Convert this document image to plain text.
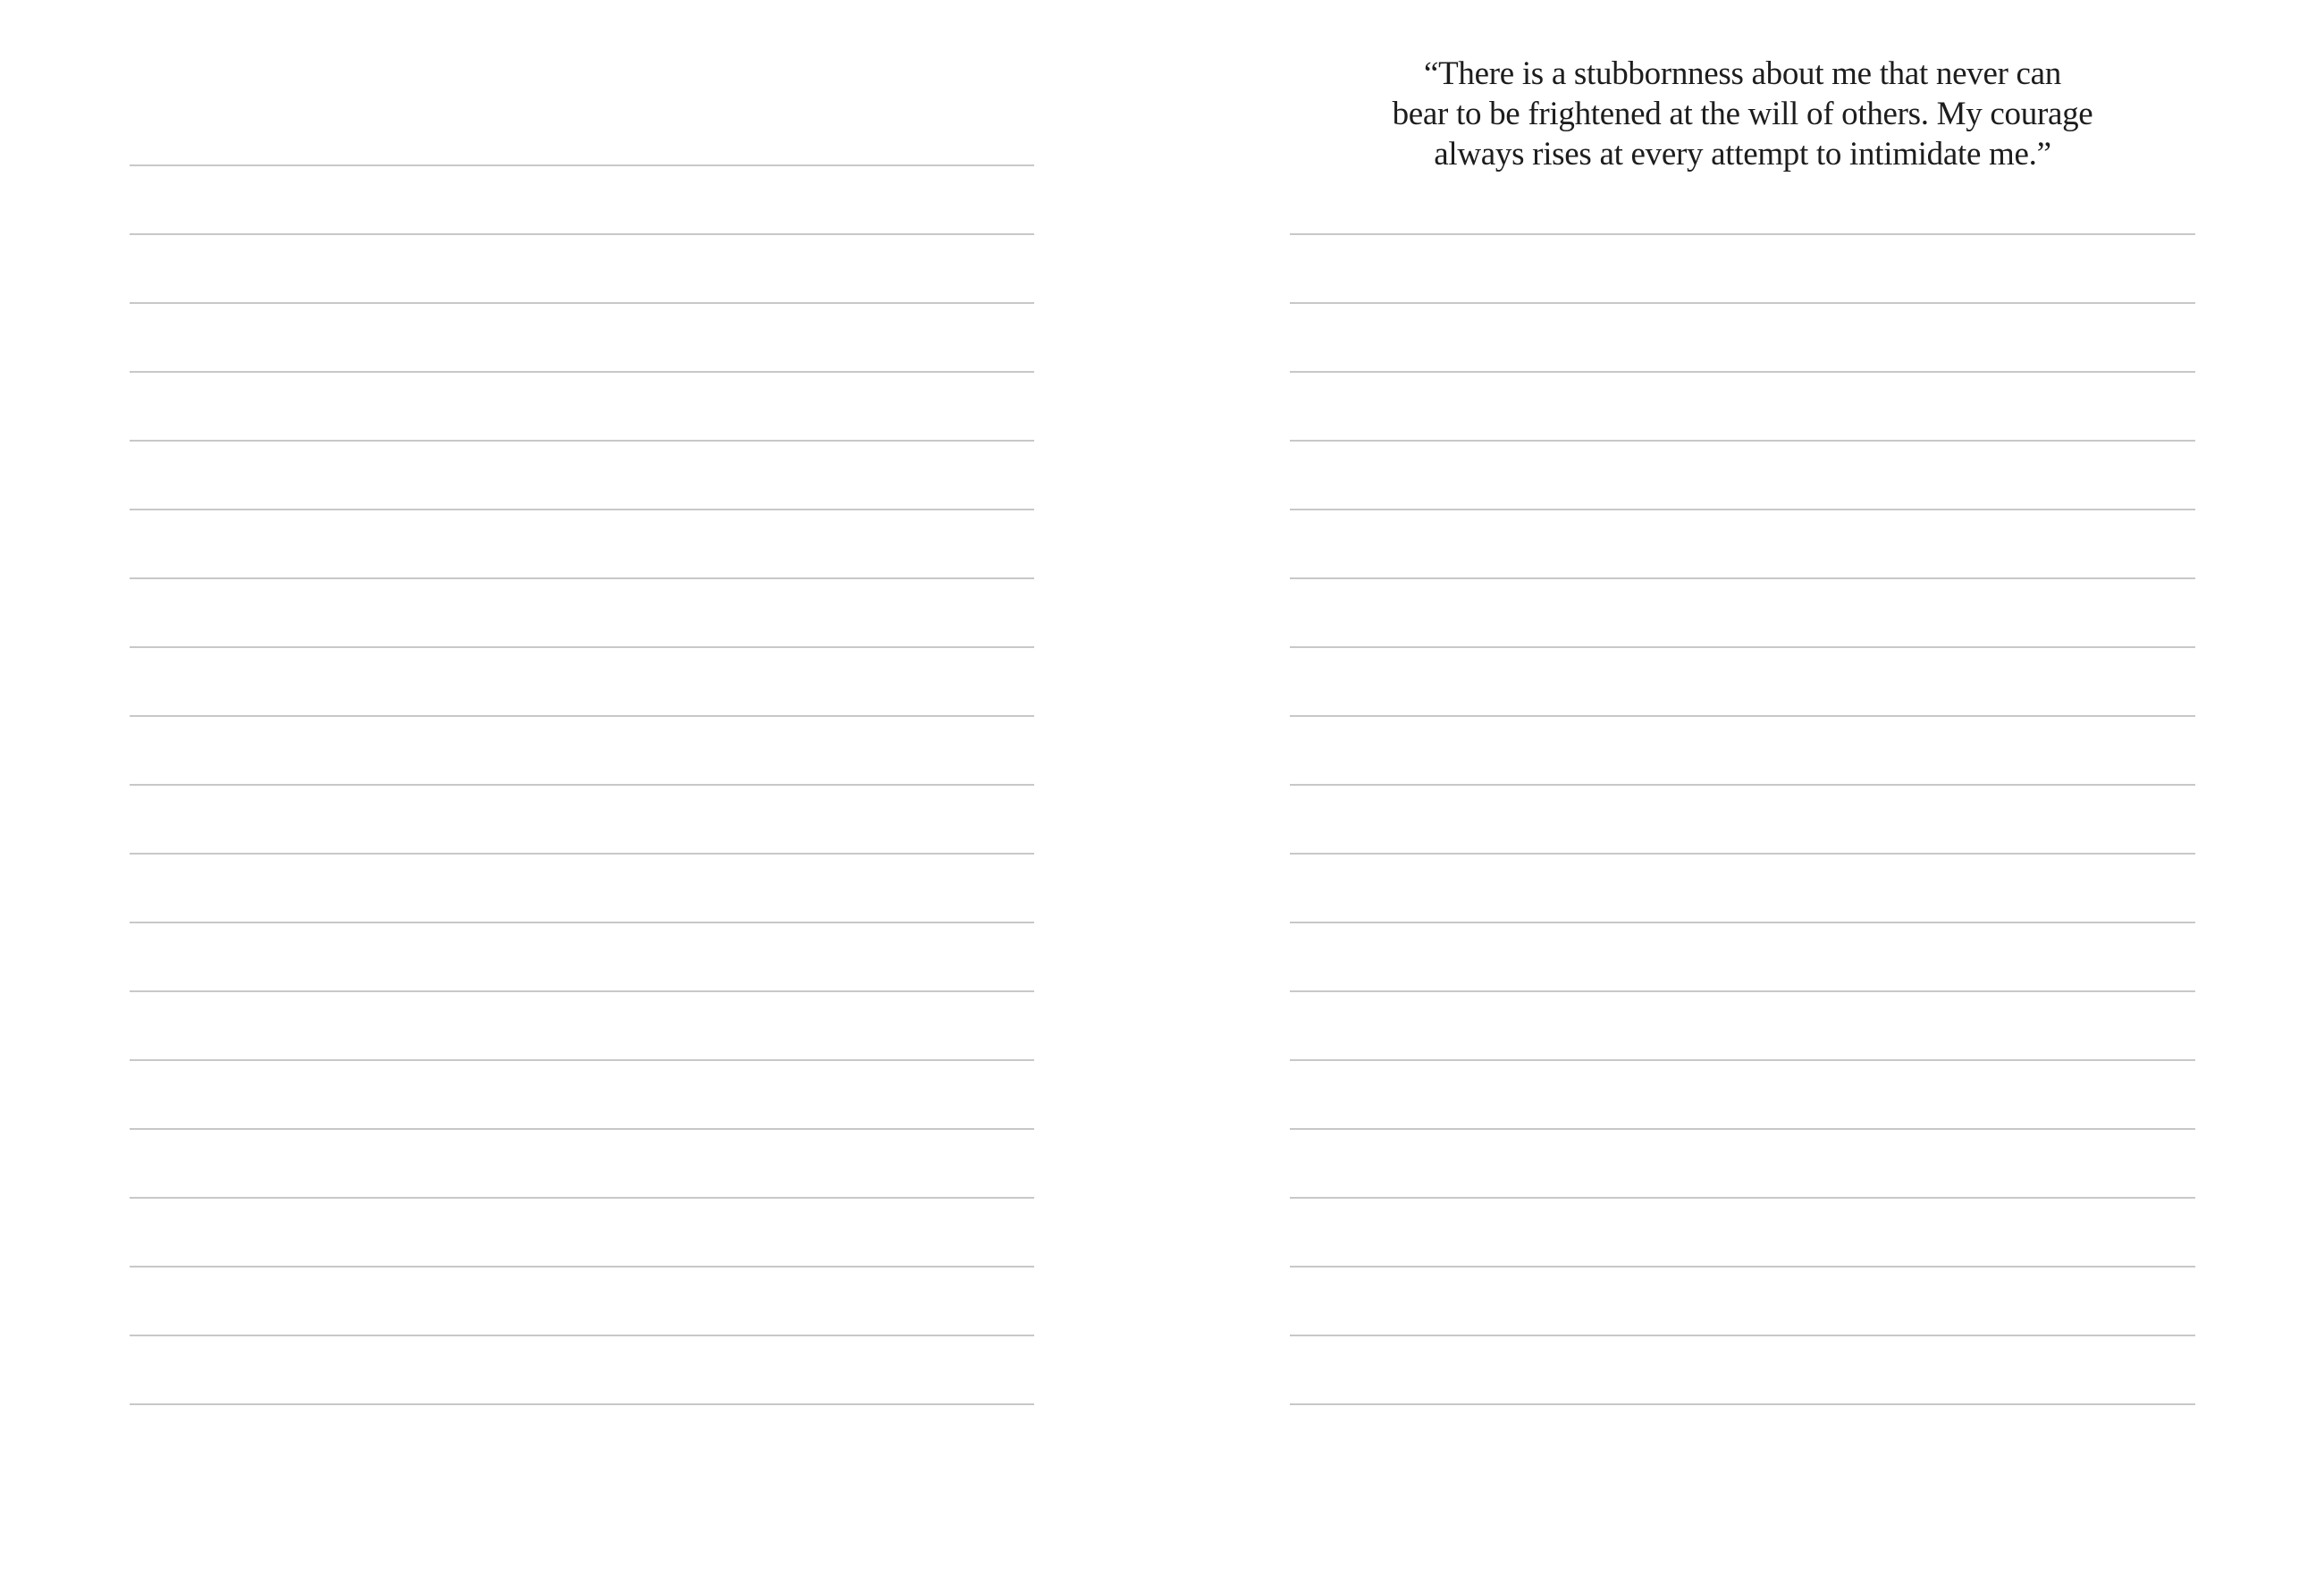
“There is a stubbornness about me that never can
bear to be frightened at the will of others. My courage
always rises at every attempt to intimidate me.”
